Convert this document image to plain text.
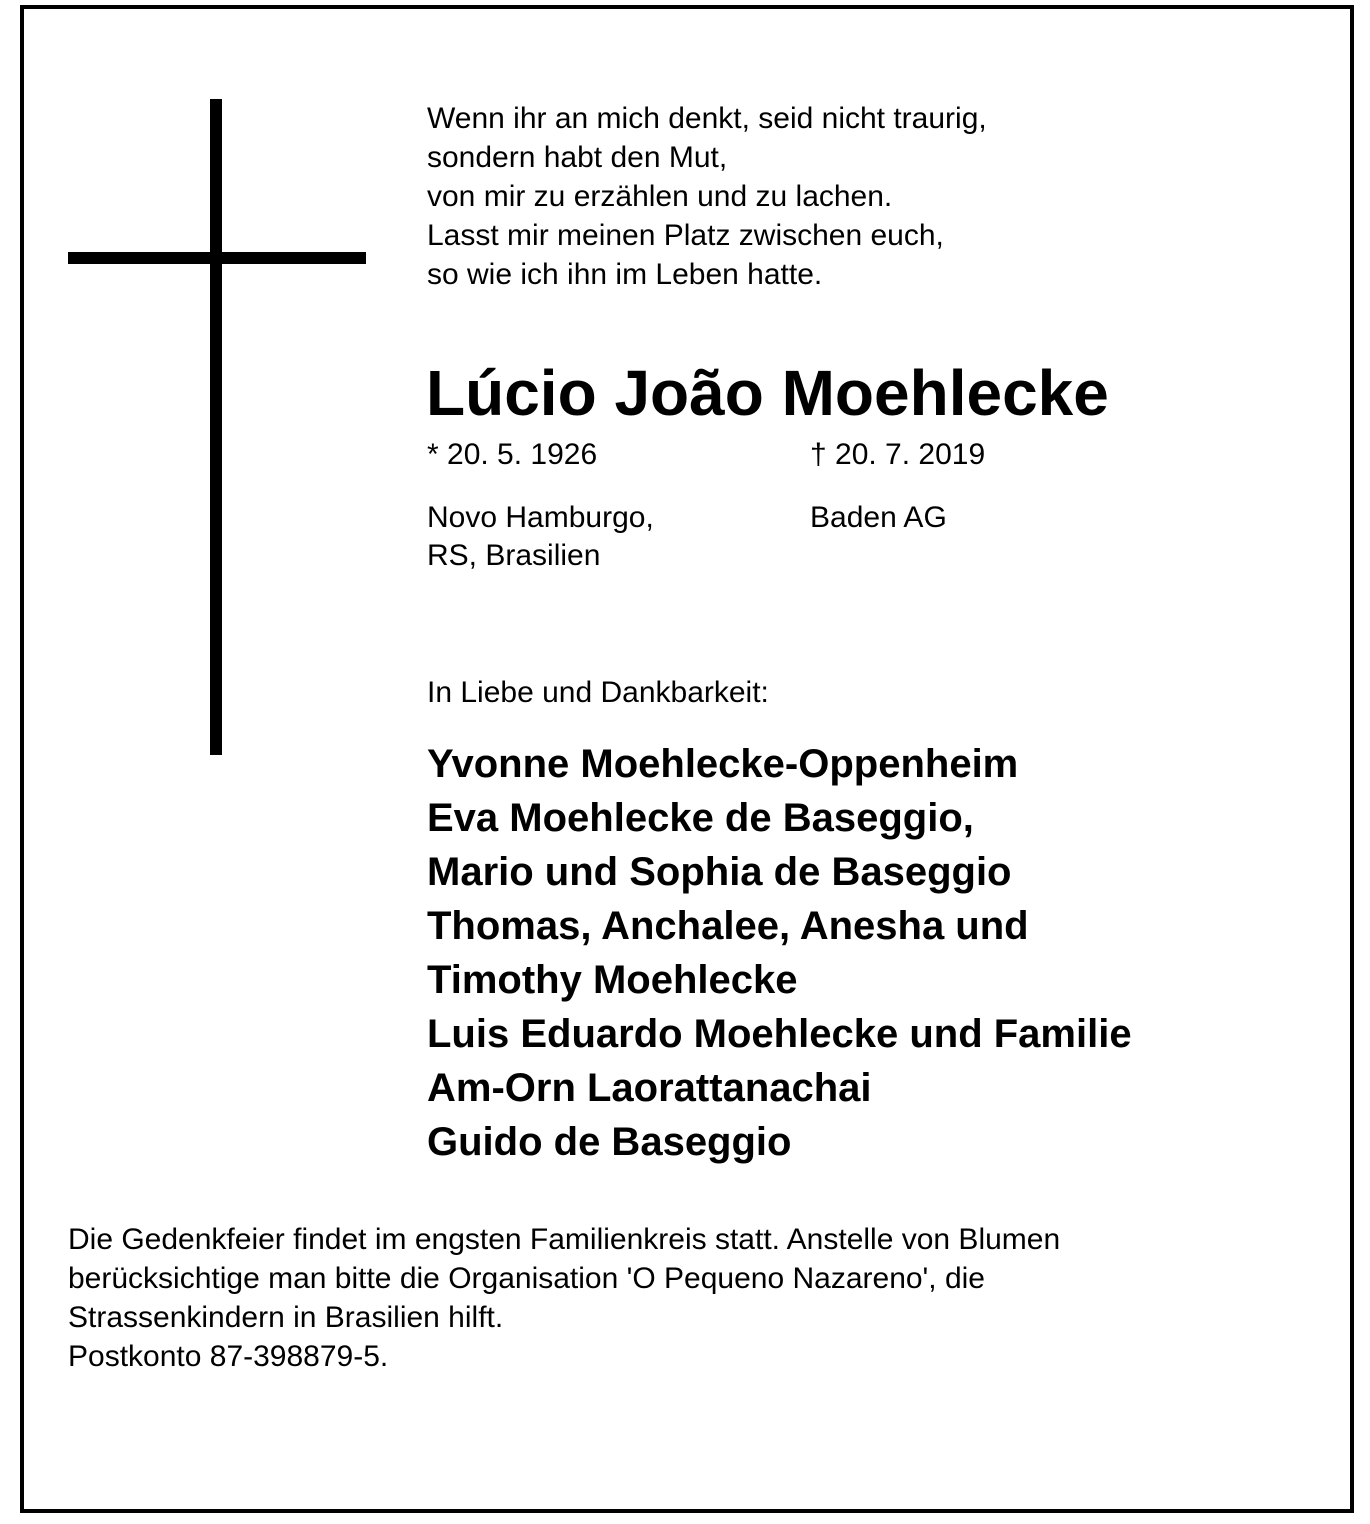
Wenn ihr an mich denkt, seid nicht traurig,
sondern habt den Mut,
von mir zu erzählen und zu lachen.
Lasst mir meinen Platz zwischen euch,
so wie ich ihn im Leben hatte.
Lúcio João Moehlecke
* 20. 5. 1926	† 20. 7. 2019
Novo Hamburgo,
RS, Brasilien
Baden AG
In Liebe und Dankbarkeit:
Yvonne Moehlecke-Oppenheim
Eva Moehlecke de Baseggio,
Mario und Sophia de Baseggio
Thomas, Anchalee, Anesha und
Timothy Moehlecke
Luis Eduardo Moehlecke und Familie
Am-Orn Laorattanachai
Guido de Baseggio
Die Gedenkfeier findet im engsten Familienkreis statt. Anstelle von Blumen
berücksichtige man bitte die Organisation 'O Pequeno Nazareno', die
Strassenkindern in Brasilien hilft.
Postkonto 87-398879-5.
